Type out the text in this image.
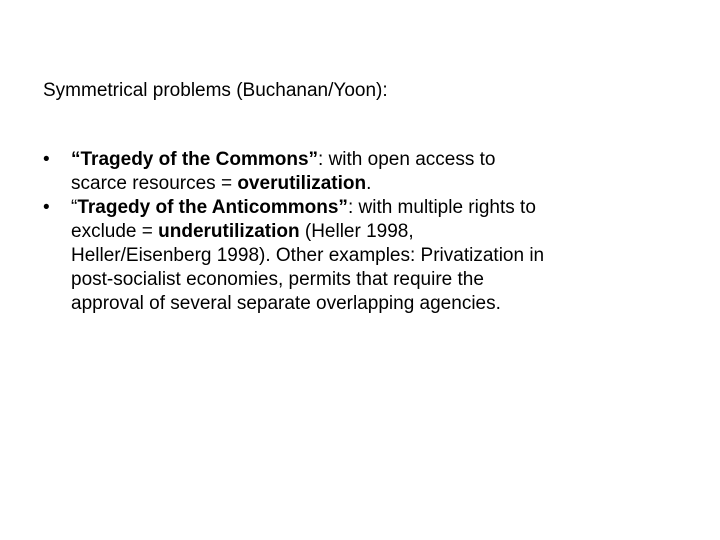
Symmetrical problems (Buchanan/Yoon):
•	“Tragedy of the Commons”: with open access to
scarce resources = overutilization.
•	“Tragedy of the Anticommons”: with multiple rights to
exclude = underutilization (Heller 1998,
Heller/Eisenberg 1998). Other examples: Privatization in
post-socialist economies, permits that require the
approval of several separate overlapping agencies.
